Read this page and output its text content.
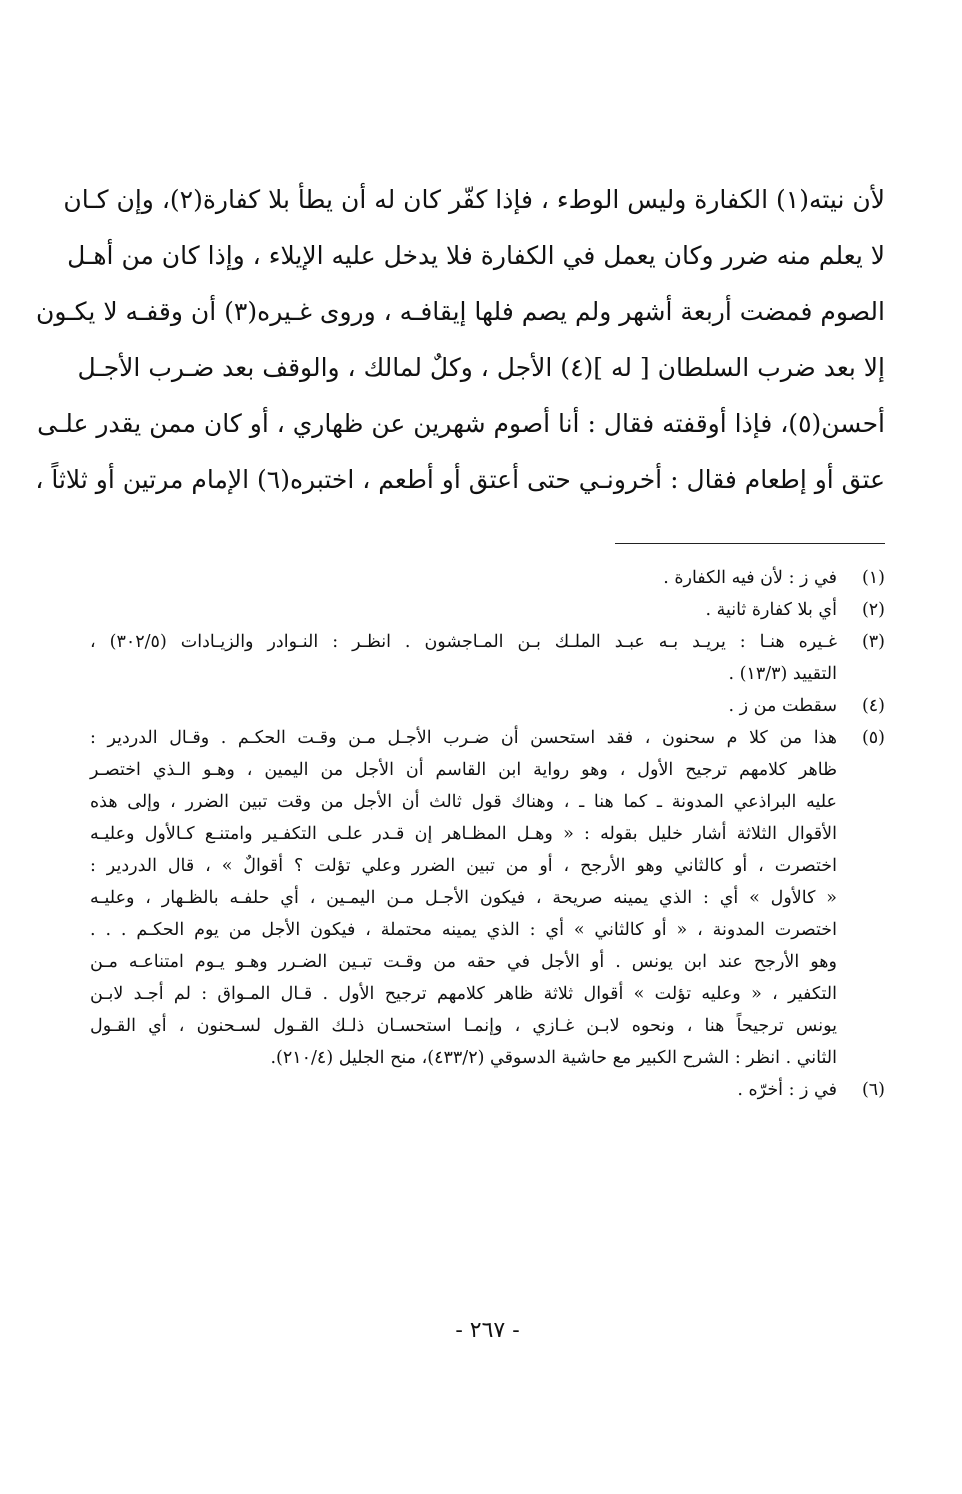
لأن نيته(١) الكفارة وليس الوطء ، فإذا كفّر كان له أن يطأ بلا كفارة(٢)، وإن كـان
لا يعلم منه ضرر وكان يعمل في الكفارة فلا يدخل عليه الإيلاء ، وإذا كان من أهـل
الصوم فمضت أربعة أشهر ولم يصم فلها إيقافـه ، وروى غـيره(٣) أن وقفـه لا يكـون
إلا بعد ضرب السلطان [ له ](٤) الأجل ، وكلٌ لمالك ، والوقف بعد ضـرب الأجـل
أحسن(٥)، فإذا أوقفته فقال : أنا أصوم شهرين عن ظهاري ، أو كان ممن يقدر علـى
عتق أو إطعام فقال : أخرونـي حتى أعتق أو أطعم ، اختبره(٦) الإمام مرتين أو ثلاثاً ،
(١)
في ز : لأن فيه الكفارة .
(٢)
أي بلا كفارة ثانية .
(٣)
غـيره هنـا : يريـد بـه عبـد الملـك بـن المـاجشون . انظـر : النـوادر والزيـادات (٣٠٢/٥) ،
التقييد (١٣/٣) .
(٤)
سقطت من ز .
(٥)
هذا من كلا م سحنون ، فقد استحسن أن ضـرب الأجـل مـن وقـت الحكـم . وقـال الدردير :
ظاهر كلامهم ترجيح الأول ، وهو رواية ابن القاسم أن الأجل من اليمين ، وهـو الـذي اختصـر
عليه البراذعي المدونة ـ كما هنا ـ ، وهناك قول ثالث أن الأجل من وقت تبين الضرر ، وإلى هذه
الأقوال الثلاثة أشار خليل بقوله : « وهـل المظـاهر إن قـدر علـى التكفـير وامتنـع كـالأول وعليـه
اختصرت ، أو كالثاني وهو الأرجح ، أو من تبين الضرر وعلي تؤلت ؟ أقوالٌ » ، قال الدردير :
« كالأول » أي : الذي يمينه صريحة ، فيكون الأجـل مـن اليمـين ، أي حلفـه بالظـهار ، وعليـه
اختصرت المدونة ، « أو كالثاني » أي : الذي يمينه محتملة ، فيكون الأجل من يوم الحكـم . . .
وهو الأرجح عند ابن يونس . أو الأجل في حقه من وقـت تبـين الضـرر وهـو يـوم امتناعـه مـن
التكفير ، « وعليه تؤلت » أقوال ثلاثة ظاهر كلامهم ترجيح الأول . قـال المـواق : لم أجـد لابـن
يونس ترجيحاً هنا ، ونحوه لابـن غـازي ، وإنمـا استحسـان ذلـك القـول لسـحنون ، أي القـول
الثاني . انظر : الشرح الكبير مع حاشية الدسوقي (٤٣٣/٢)، منح الجليل (٢١٠/٤).
(٦)
في ز : أخرّه .
- ٢٦٧ -
